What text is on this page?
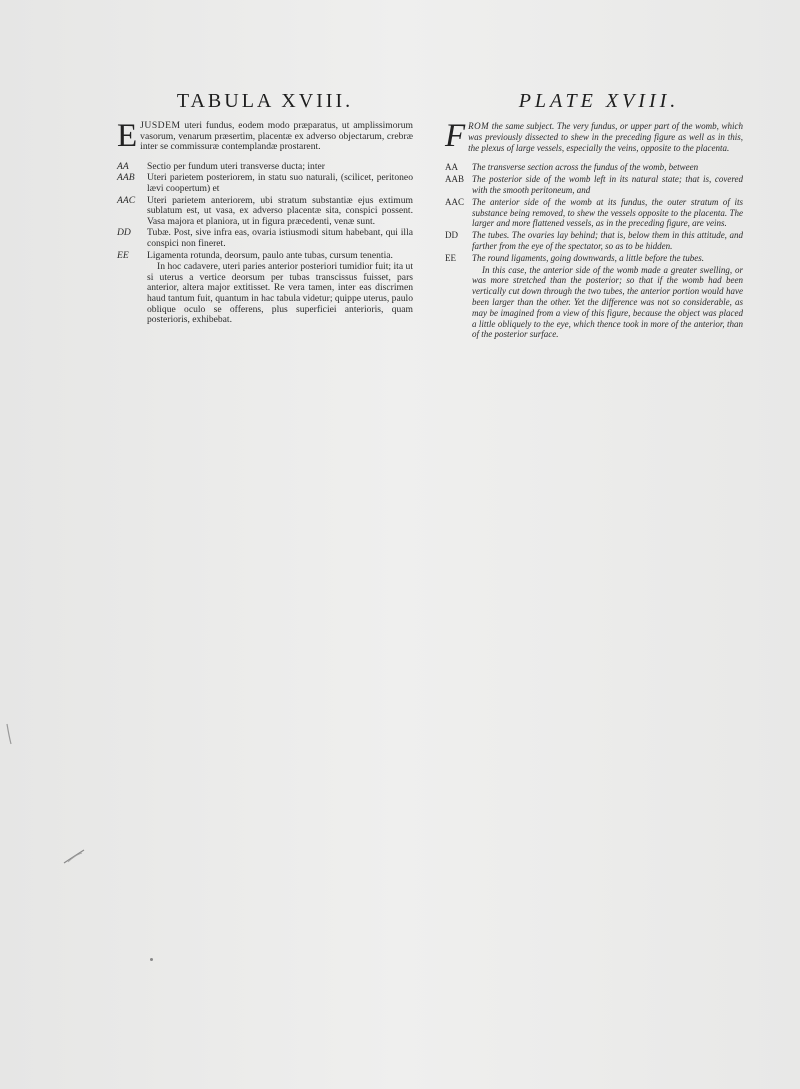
TABULA XVIII.

EJUSDEM uteri fundus, eodem modo præparatus, ut amplissimorum vasorum, venarum præsertim, placentæ ex adverso objectarum, crebræ inter se commissuræ contemplandæ prostarent.

AA	Sectio per fundum uteri transverse ducta; inter
AAB	Uteri parietem posteriorem, in statu suo naturali, (scilicet, peritoneo lævi coopertum) et
AAC	Uteri parietem anteriorem, ubi stratum substantiæ ejus extimum sublatum est, ut vasa, ex adverso placentæ sita, conspici possent. Vasa majora et planiora, ut in figura præcedenti, venæ sunt.
DD	Tubæ. Post, sive infra eas, ovaria istiusmodi situm habebant, qui illa conspici non fineret.
EE	Ligamenta rotunda, deorsum, paulo ante tubas, cursum tenentia.

In hoc cadavere, uteri paries anterior posteriori tumidior fuit; ita ut si uterus a vertice deorsum per tubas transcissus fuisset, pars anterior, altera major extitisset. Re vera tamen, inter eas discrimen haud tantum fuit, quantum in hac tabula videtur; quippe uterus, paulo oblique oculo se offerens, plus superficiei anterioris, quam posterioris, exhibebat.

PLATE XVIII.

FROM the same subject. The very fundus, or upper part of the womb, which was previously dissected to shew in the preceding figure as well as in this, the plexus of large vessels, especially the veins, opposite to the placenta.

AA	The transverse section across the fundus of the womb, between
AAB The posterior side of the womb left in its natural state; that is, covered with the smooth peritoneum, and
AAC The anterior side of the womb at its fundus, the outer stratum of its substance being removed, to shew the vessels opposite to the placenta. The larger and more flattened vessels, as in the preceding figure, are veins.
DD	The tubes. The ovaries lay behind; that is, below them in this attitude, and farther from the eye of the spectator, so as to be hidden.
EE	The round ligaments, going downwards, a little before the tubes.

In this case, the anterior side of the womb made a greater swelling, or was more stretched than the posterior; so that if the womb had been vertically cut down through the two tubes, the anterior portion would have been larger than the other. Yet the difference was not so considerable, as may be imagined from a view of this figure, because the object was placed a little obliquely to the eye, which thence took in more of the anterior, than of the posterior surface.
